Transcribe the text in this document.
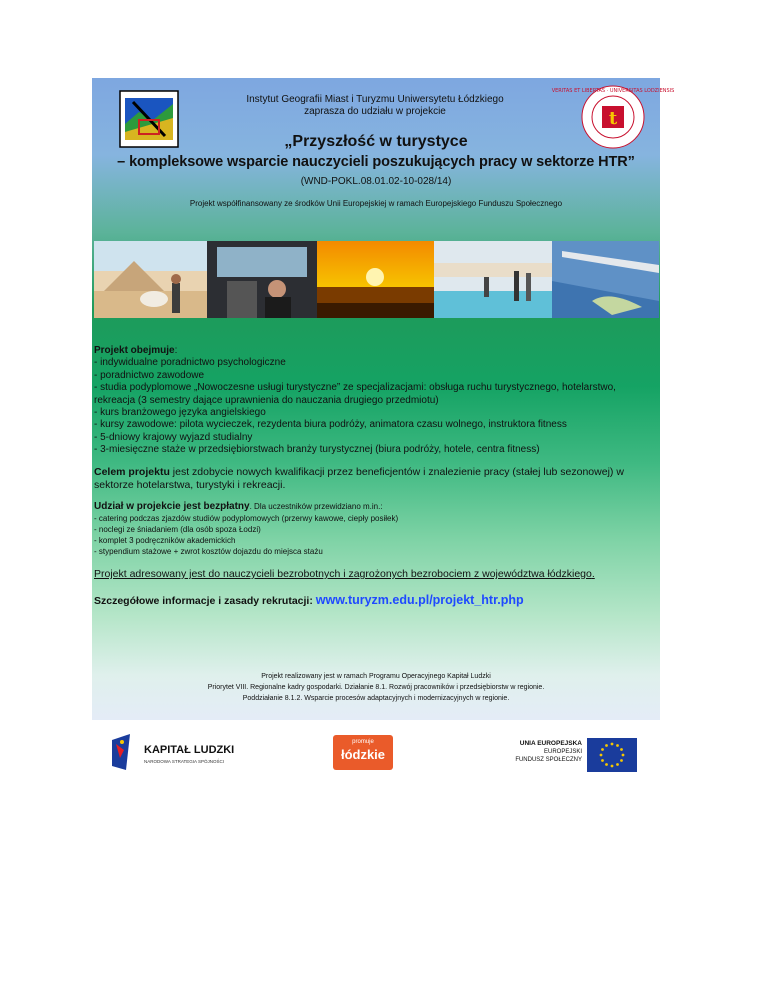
t
VERITAS ET LIBERTAS · UNIVERSITAS LODZIENSIS
Instytut Geografii Miast i Turyzmu Uniwersytetu Łódzkiego
zaprasza do udziału w projekcie
„Przyszłość w turystyce
– kompleksowe wsparcie nauczycieli poszukujących pracy w sektorze HTR”
(WND-POKL.08.01.02-10-028/14)
Projekt współfinansowany ze środków Unii Europejskiej w ramach Europejskiego Funduszu Społecznego
Projekt obejmuje:
- indywidualne poradnictwo psychologiczne
- poradnictwo zawodowe
- studia podyplomowe „Nowoczesne usługi turystyczne” ze specjalizacjami: obsługa ruchu turystycznego, hotelarstwo, rekreacja (3 semestry dające uprawnienia do nauczania drugiego przedmiotu)
- kurs branżowego języka angielskiego
- kursy zawodowe: pilota wycieczek, rezydenta biura podróży, animatora czasu wolnego, instruktora fitness
- 5-dniowy krajowy wyjazd studialny
- 3-miesięczne staże w przedsiębiorstwach branży turystycznej (biura podróży, hotele, centra fitness)
Celem projektu jest zdobycie nowych kwalifikacji przez beneficjentów i znalezienie pracy (stałej lub sezonowej) w sektorze hotelarstwa, turystyki i rekreacji.
Udział w projekcie jest bezpłatny. Dla uczestników przewidziano m.in.:
- catering podczas zjazdów studiów podyplomowych (przerwy kawowe, ciepły posiłek)
- noclegi ze śniadaniem (dla osób spoza Łodzi)
- komplet 3 podręczników akademickich
- stypendium stażowe + zwrot kosztów dojazdu do miejsca stażu
Projekt adresowany jest do nauczycieli bezrobotnych i zagrożonych bezrobociem z województwa łódzkiego.
Szczegółowe informacje i zasady rekrutacji: www.turyzm.edu.pl/projekt_htr.php
Projekt realizowany jest w ramach Programu Operacyjnego Kapitał Ludzki
Priorytet VIII. Regionalne kadry gospodarki. Działanie 8.1. Rozwój pracowników i przedsiębiorstw w regionie.
Poddziałanie 8.1.2. Wsparcie procesów adaptacyjnych i modernizacyjnych w regionie.
KAPITAŁ LUDZKI
NARODOWA STRATEGIA SPÓJNOŚCI
promuje
łódzkie
UNIA EUROPEJSKA
EUROPEJSKI
FUNDUSZ SPOŁECZNY
